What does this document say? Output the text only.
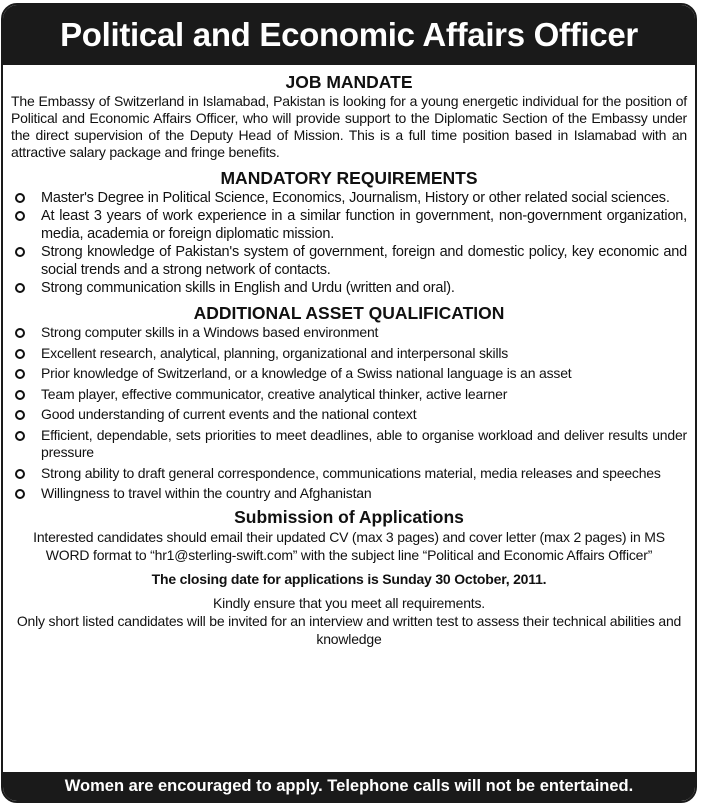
Political and Economic Affairs Officer
JOB MANDATE

The Embassy of Switzerland in Islamabad, Pakistan is looking for a young energetic individual for the position of Political and Economic Affairs Officer, who will provide support to the Diplomatic Section of the Embassy under the direct supervision of the Deputy Head of Mission. This is a full time position based in Islamabad with an attractive salary package and fringe benefits.

MANDATORY REQUIREMENTS
Master's Degree in Political Science, Economics, Journalism, History or other related social sciences.
At least 3 years of work experience in a similar function in government, non-government organization, media, academia or foreign diplomatic mission.
Strong knowledge of Pakistan's system of government, foreign and domestic policy, key economic and social trends and a strong network of contacts.
Strong communication skills in English and Urdu (written and oral).
ADDITIONAL ASSET QUALIFICATION
Strong computer skills in a Windows based environment
Excellent research, analytical, planning, organizational and interpersonal skills
Prior knowledge of Switzerland, or a knowledge of a Swiss national language is an asset
Team player, effective communicator, creative analytical thinker, active learner
Good understanding of current events and the national context
Efficient, dependable, sets priorities to meet deadlines, able to organise workload and deliver results under pressure
Strong ability to draft general correspondence, communications material, media releases and speeches
Willingness to travel within the country and Afghanistan
Submission of Applications

Interested candidates should email their updated CV (max 3 pages) and cover letter (max 2 pages) in MS WORD format to “hr1@sterling-swift.com” with the subject line “Political and Economic Affairs Officer”

The closing date for applications is Sunday 30 October, 2011.

Kindly ensure that you meet all requirements.

Only short listed candidates will be invited for an interview and written test to assess their technical abilities and knowledge

Women are encouraged to apply. Telephone calls will not be entertained.
